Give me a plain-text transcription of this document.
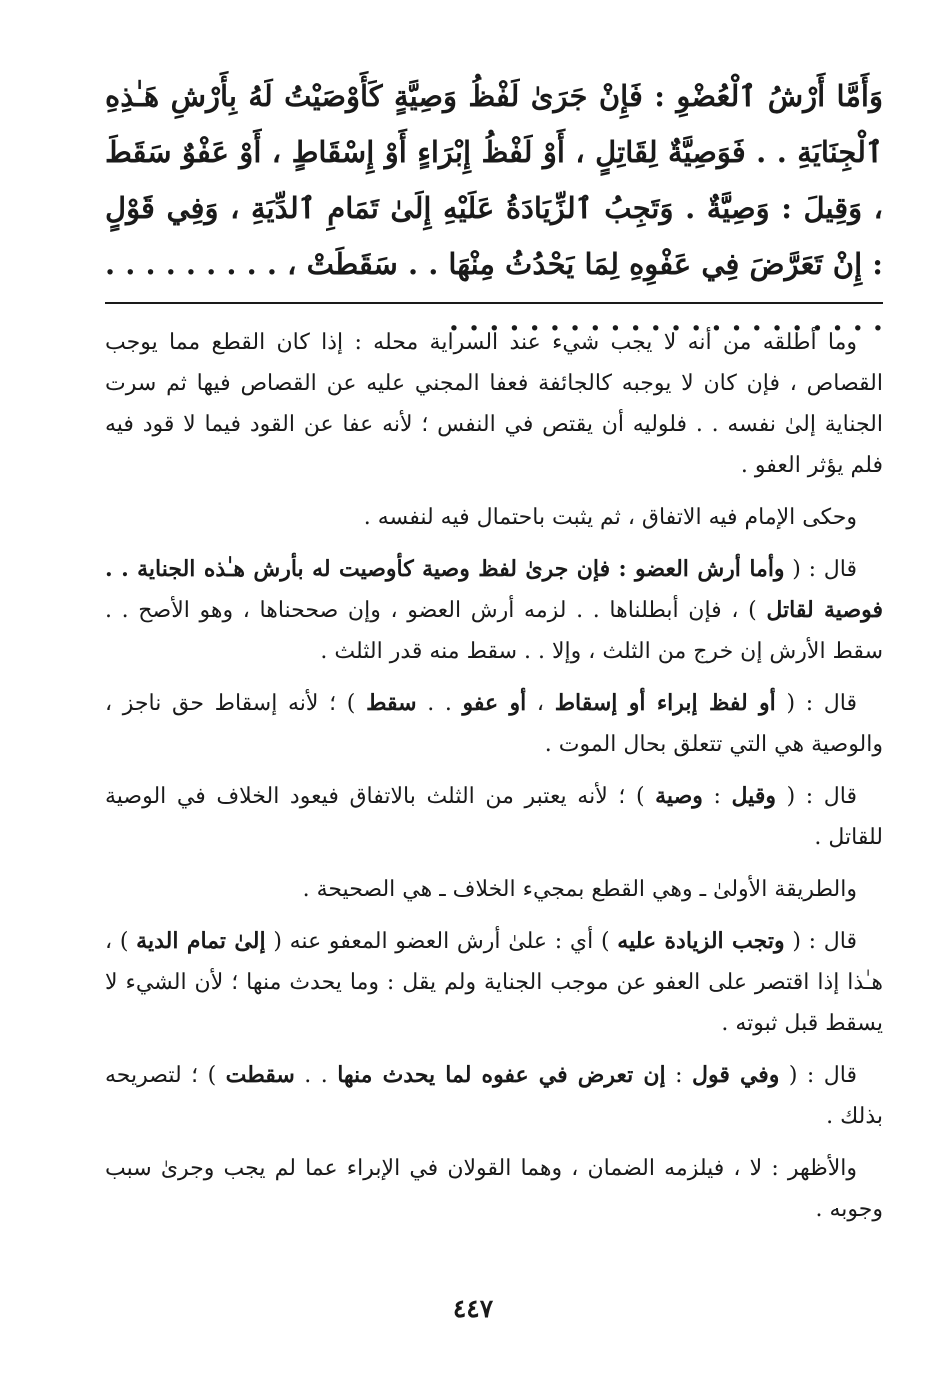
وَأَمَّا أَرْشُ ٱلْعُضْوِ : فَإِنْ جَرَىٰ لَفْظُ وَصِيَّةٍ كَأَوْصَيْتُ لَهُ بِأَرْشِ هَـٰذِهِ ٱلْجِنَايَةِ . . فَوَصِيَّةٌ لِقَاتِلٍ ، أَوْ لَفْظُ إِبْرَاءٍ أَوْ إِسْقَاطٍ ، أَوْ عَفْوٌ سَقَطَ ، وَقِيلَ : وَصِيَّةٌ . وَتَجِبُ ٱلزِّيَادَةُ عَلَيْهِ إِلَىٰ تَمَامِ ٱلدِّيَةِ ، وَفِي قَوْلٍ : إِنْ تَعَرَّضَ فِي عَفْوِهِ لِمَا يَحْدُثُ مِنْهَا . . سَقَطَتْ ، . . . . . . . . . . . . . . . . . . . . . . . . . . . . . . .

وما أطلقه من أنه لا يجب شيء عند السراية محله : إذا كان القطع مما يوجب القصاص ، فإن كان لا يوجبه كالجائفة فعفا المجني عليه عن القصاص فيها ثم سرت الجناية إلىٰ نفسه . . فلوليه أن يقتص في النفس ؛ لأنه عفا عن القود فيما لا قود فيه فلم يؤثر العفو .

وحكى الإمام فيه الاتفاق ، ثم يثبت باحتمال فيه لنفسه .

قال : ( وأما أرش العضو : فإن جرىٰ لفظ وصية كأوصيت له بأرش هـٰذه الجناية . . فوصية لقاتل ) ، فإن أبطلناها . . لزمه أرش العضو ، وإن صححناها ، وهو الأصح . . سقط الأرش إن خرج من الثلث ، وإلا . . سقط منه قدر الثلث .

قال : ( أو لفظ إبراء أو إسقاط ، أو عفو . . سقط ) ؛ لأنه إسقاط حق ناجز ، والوصية هي التي تتعلق بحال الموت .

قال : ( وقيل : وصية ) ؛ لأنه يعتبر من الثلث بالاتفاق فيعود الخلاف في الوصية للقاتل .

والطريقة الأولىٰ ـ وهي القطع بمجيء الخلاف ـ هي الصحيحة .

قال : ( وتجب الزيادة عليه ) أي : علىٰ أرش العضو المعفو عنه ( إلىٰ تمام الدية ) ، هـٰذا إذا اقتصر على العفو عن موجب الجناية ولم يقل : وما يحدث منها ؛ لأن الشيء لا يسقط قبل ثبوته .

قال : ( وفي قول : إن تعرض في عفوه لما يحدث منها . . سقطت ) ؛ لتصريحه بذلك .

والأظهر : لا ، فيلزمه الضمان ، وهما القولان في الإبراء عما لم يجب وجرىٰ سبب وجوبه .

٤٤٧
